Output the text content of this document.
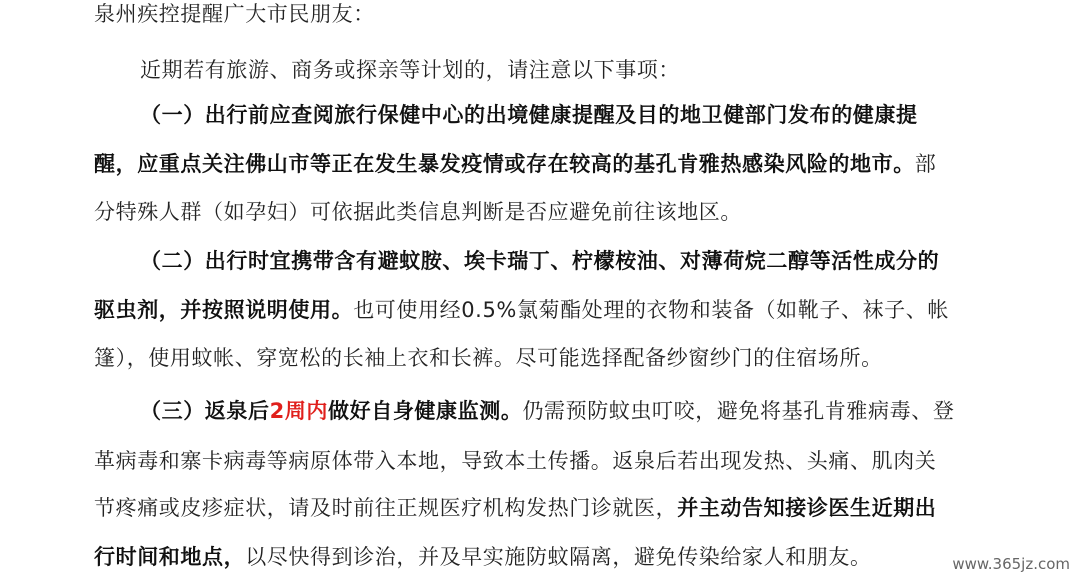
泉州疾控提醒广大市民朋友：
近期若有旅游、商务或探亲等计划的，请注意以下事项：
（一）出行前应查阅旅行保健中心的出境健康提醒及目的地卫健部门发布的健康提
醒，应重点关注佛山市等正在发生暴发疫情或存在较高的基孔肯雅热感染风险的地市。部
分特殊人群（如孕妇）可依据此类信息判断是否应避免前往该地区。
（二）出行时宜携带含有避蚊胺、埃卡瑞丁、柠檬桉油、对薄荷烷二醇等活性成分的
驱虫剂，并按照说明使用。也可使用经0.5%氯菊酯处理的衣物和装备（如靴子、袜子、帐
篷），使用蚊帐、穿宽松的长袖上衣和长裤。尽可能选择配备纱窗纱门的住宿场所。
（三）返泉后2周内做好自身健康监测。仍需预防蚊虫叮咬，避免将基孔肯雅病毒、登
革病毒和寨卡病毒等病原体带入本地，导致本土传播。返泉后若出现发热、头痛、肌肉关
节疼痛或皮疹症状，请及时前往正规医疗机构发热门诊就医，并主动告知接诊医生近期出
行时间和地点，以尽快得到诊治，并及早实施防蚊隔离，避免传染给家人和朋友。	www.365jz.com
